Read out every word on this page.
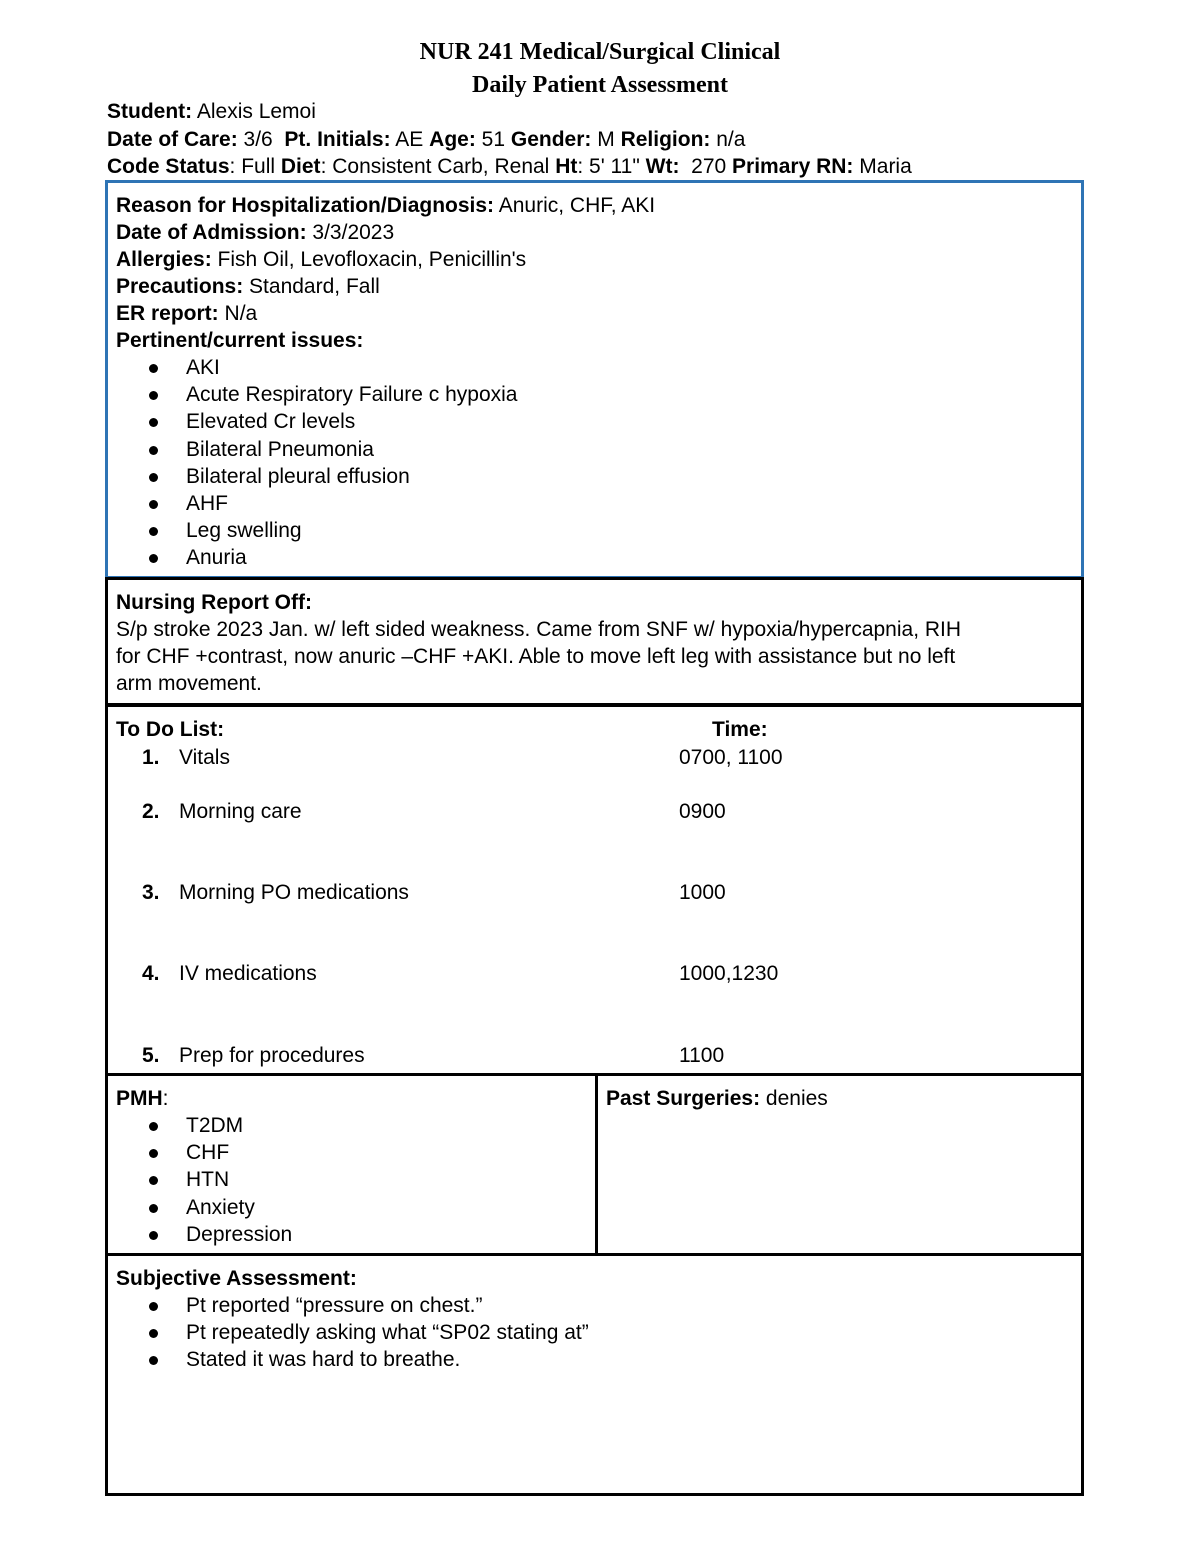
NUR 241 Medical/Surgical Clinical
Daily Patient Assessment
Student: Alexis Lemoi
Date of Care: 3/6 Pt. Initials: AE Age: 51 Gender: M Religion: n/a
Code Status: Full Diet: Consistent Carb, Renal Ht: 5' 11" Wt: 270 Primary RN: Maria
Reason for Hospitalization/Diagnosis: Anuric, CHF, AKI
Date of Admission: 3/3/2023
Allergies: Fish Oil, Levofloxacin, Penicillin's
Precautions: Standard, Fall
ER report: N/a
Pertinent/current issues:
AKI
Acute Respiratory Failure c hypoxia
Elevated Cr levels
Bilateral Pneumonia
Bilateral pleural effusion
AHF
Leg swelling
Anuria
Nursing Report Off:
S/p stroke 2023 Jan. w/ left sided weakness. Came from SNF w/ hypoxia/hypercapnia, RIH
for CHF +contrast, now anuric –CHF +AKI. Able to move left leg with assistance but no left
arm movement.
To Do List:	Time:
1. Vitals	0700, 1100
2. Morning care	0900
3. Morning PO medications	1000
4. IV medications	1000,1230
5. Prep for procedures	1100
PMH:
T2DM
CHF
HTN
Anxiety
Depression
Past Surgeries: denies
Subjective Assessment:
Pt reported “pressure on chest.”
Pt repeatedly asking what “SP02 stating at”
Stated it was hard to breathe.
